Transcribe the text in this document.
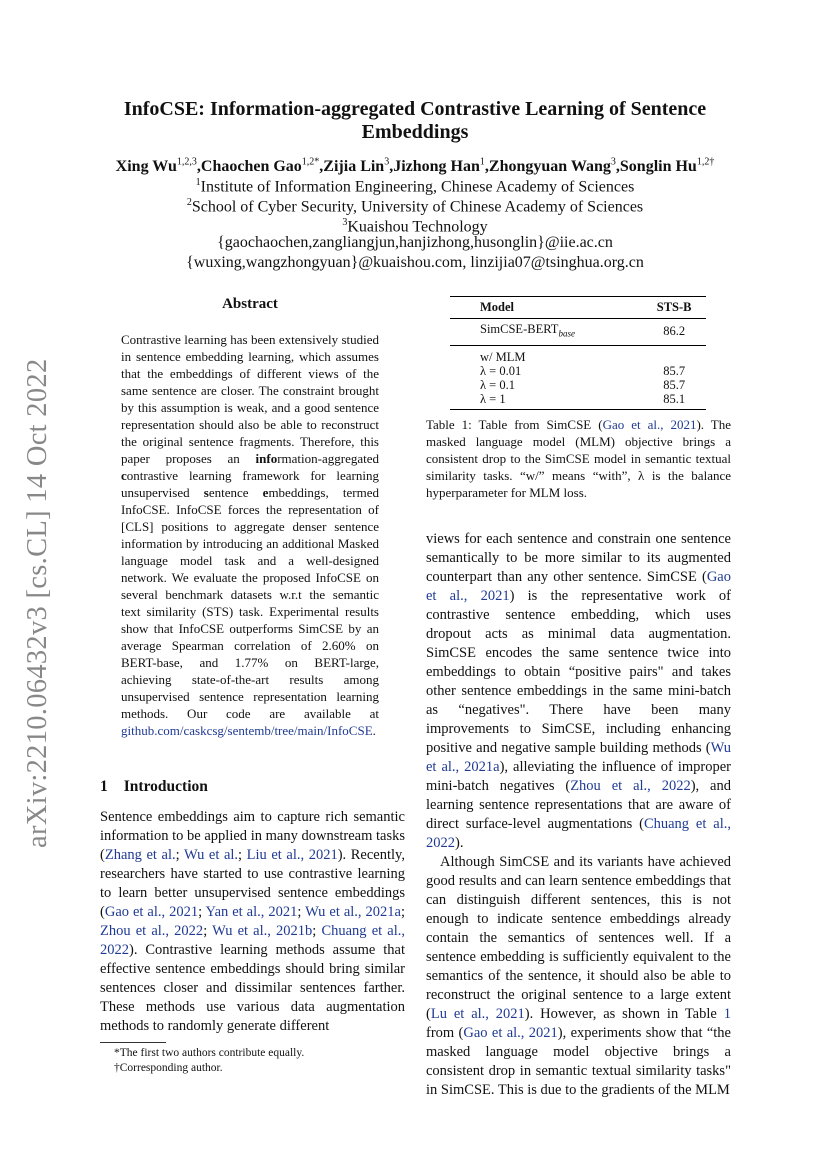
arXiv:2210.06432v3 [cs.CL] 14 Oct 2022
InfoCSE: Information-aggregated Contrastive Learning of Sentence
Embeddings
Xing Wu$^{1,2,3}$,Chaochen Gao$^{1,2*}$,Zijia Lin$^3$,Jizhong Han$^1$,Zhongyuan Wang$^3$,Songlin $Hu^{1,2\dagger}$
$^1$Institute of Information Engineering, Chinese Academy of Sciences
$^2$School of Cyber Security, University of Chinese Academy of Sciences
$^3$Kuaishou Technology
{gaochaochen,zangliangjun,hanjizhong,husonglin}@iie.ac.cn
{wuxing,wangzhongyuan}@kuaishou.com, linzijia07@tsinghua.org.cn
Abstract
Contrastive learning has been extensively studied in sentence embedding learning, which assumes that the embeddings of different views of the same sentence are closer. The constraint brought by this assumption is weak, and a good sentence representation should also be able to reconstruct the original sentence fragments. Therefore, this paper proposes an information-aggregated contrastive learning framework for learning unsupervised sentence embeddings, termed InfoCSE. InfoCSE forces the representation of [CLS] positions to aggregate denser sentence information by introducing an additional Masked language model task and a well-designed network. We evaluate the proposed InfoCSE on several benchmark datasets w.r.t the semantic text similarity (STS) task. Experimental results show that InfoCSE outperforms SimCSE by an average Spearman correlation of 2.60% on BERT-base, and 1.77% on BERT-large, achieving state-of-the-art results among unsupervised sentence representation learning methods. Our code are available at github.com/caskcsg/sentemb/tree/main/InfoCSE.
1 Introduction
Sentence embeddings aim to capture rich semantic information to be applied in many downstream tasks (Zhang et al.; Wu et al.; Liu et al., 2021). Recently, researchers have started to use contrastive learning to learn better unsupervised sentence embeddings (Gao et al., 2021; Yan et al., 2021; Wu et al., 2021a; Zhou et al., 2022; Wu et al., 2021b; Chuang et al., 2022). Contrastive learning methods assume that effective sentence embeddings should bring similar sentences closer and dissimilar sentences farther. These methods use various data augmentation methods to randomly generate different
*The first two authors contribute equally.
†Corresponding author.
Model	STS-B
SimCSE-$BERT_{base}$	86.2
w/ MLM	
λ = 0.01	85.7
λ = 0.1	85.7
λ = 1	85.1
Table 1: Table from SimCSE (Gao et al., 2021). The masked language model (MLM) objective brings a consistent drop to the SimCSE model in semantic textual similarity tasks. “w/” means “with”, λ is the balance hyperparameter for MLM loss.

views for each sentence and constrain one sentence semantically to be more similar to its augmented counterpart than any other sentence. SimCSE (Gao et al., 2021) is the representative work of contrastive sentence embedding, which uses dropout acts as minimal data augmentation. SimCSE encodes the same sentence twice into embeddings to obtain “positive pairs" and takes other sentence embeddings in the same mini-batch as “negatives". There have been many improvements to SimCSE, including enhancing positive and negative sample building methods (Wu et al., 2021a), alleviating the influence of improper mini-batch negatives (Zhou et al., 2022), and learning sentence representations that are aware of direct surface-level augmentations (Chuang et al., 2022).

Although SimCSE and its variants have achieved good results and can learn sentence embeddings that can distinguish different sentences, this is not enough to indicate sentence embeddings already contain the semantics of sentences well. If a sentence embedding is sufficiently equivalent to the semantics of the sentence, it should also be able to reconstruct the original sentence to a large extent (Lu et al., 2021). However, as shown in Table 1 from (Gao et al., 2021), experiments show that “the masked language model objective brings a consistent drop in semantic textual similarity tasks" in SimCSE. This is due to the gradients of the MLM
